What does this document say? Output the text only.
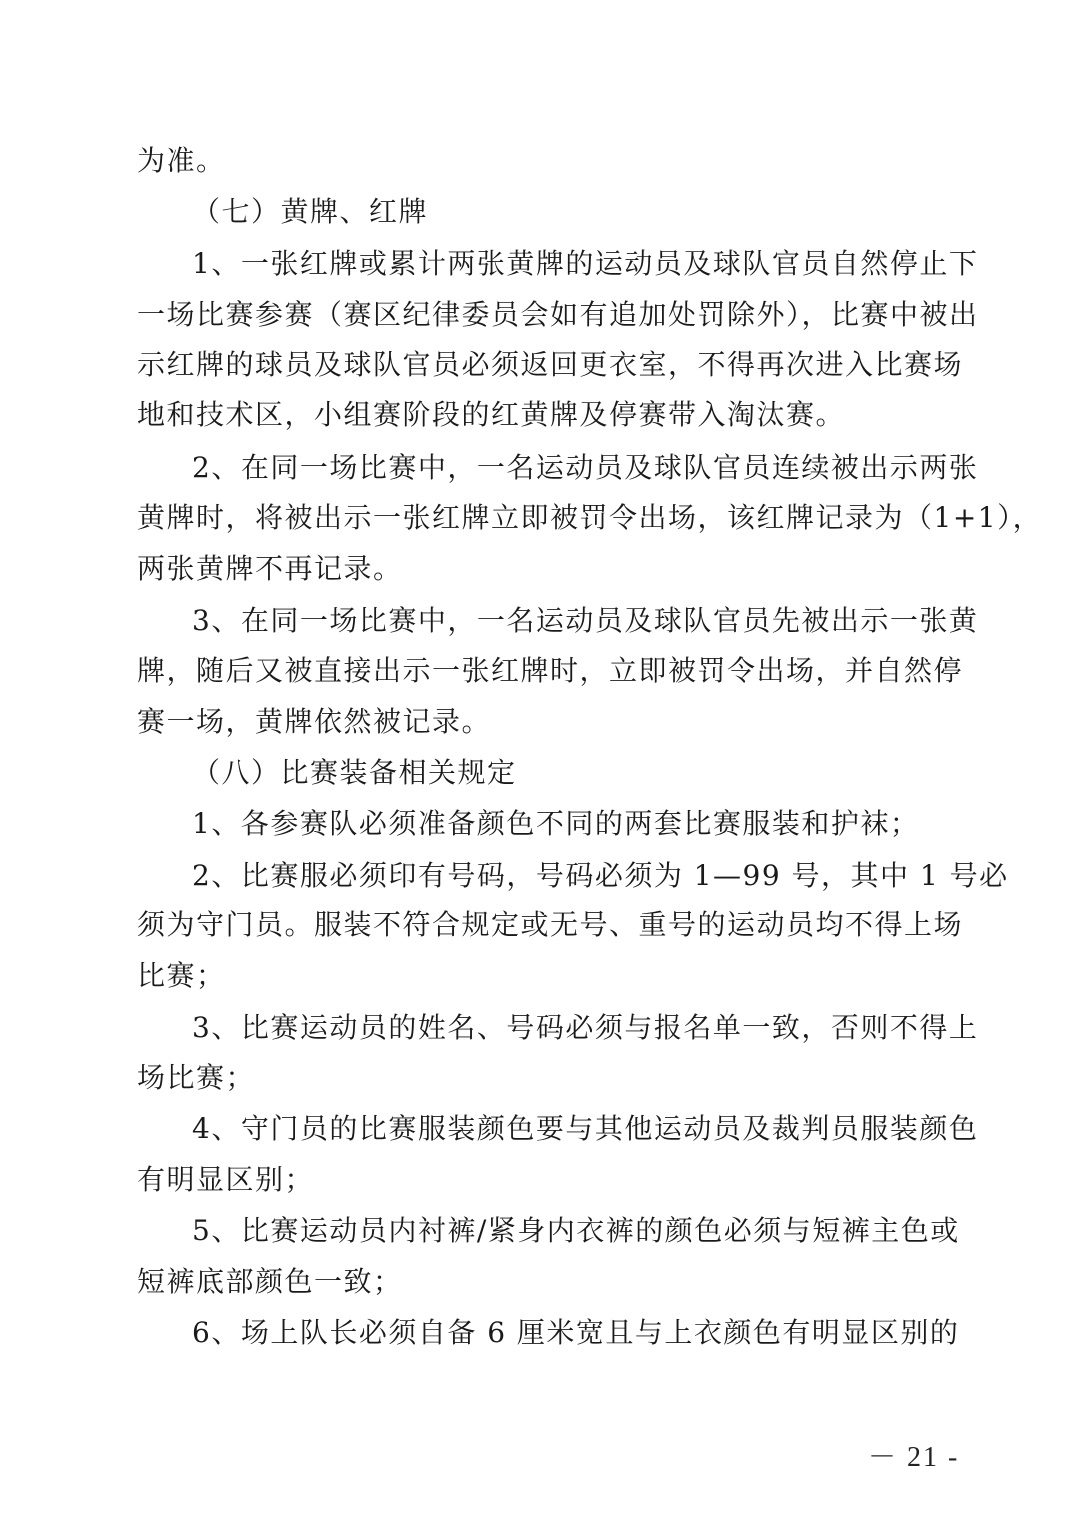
为准。
（七）黄牌、红牌
1、一张红牌或累计两张黄牌的运动员及球队官员自然停止下
一场比赛参赛（赛区纪律委员会如有追加处罚除外），比赛中被出
示红牌的球员及球队官员必须返回更衣室，不得再次进入比赛场
地和技术区，小组赛阶段的红黄牌及停赛带入淘汰赛。
2、在同一场比赛中，一名运动员及球队官员连续被出示两张
黄牌时，将被出示一张红牌立即被罚令出场，该红牌记录为（1+1），
两张黄牌不再记录。
3、在同一场比赛中，一名运动员及球队官员先被出示一张黄
牌，随后又被直接出示一张红牌时，立即被罚令出场，并自然停
赛一场，黄牌依然被记录。
（八）比赛装备相关规定
1、各参赛队必须准备颜色不同的两套比赛服装和护袜；
2、比赛服必须印有号码，号码必须为 1—99 号，其中 1 号必
须为守门员。服装不符合规定或无号、重号的运动员均不得上场
比赛；
3、比赛运动员的姓名、号码必须与报名单一致，否则不得上
场比赛；
4、守门员的比赛服装颜色要与其他运动员及裁判员服装颜色
有明显区别；
5、比赛运动员内衬裤/紧身内衣裤的颜色必须与短裤主色或
短裤底部颜色一致；
6、场上队长必须自备 6 厘米宽且与上衣颜色有明显区别的
－ 21 -
